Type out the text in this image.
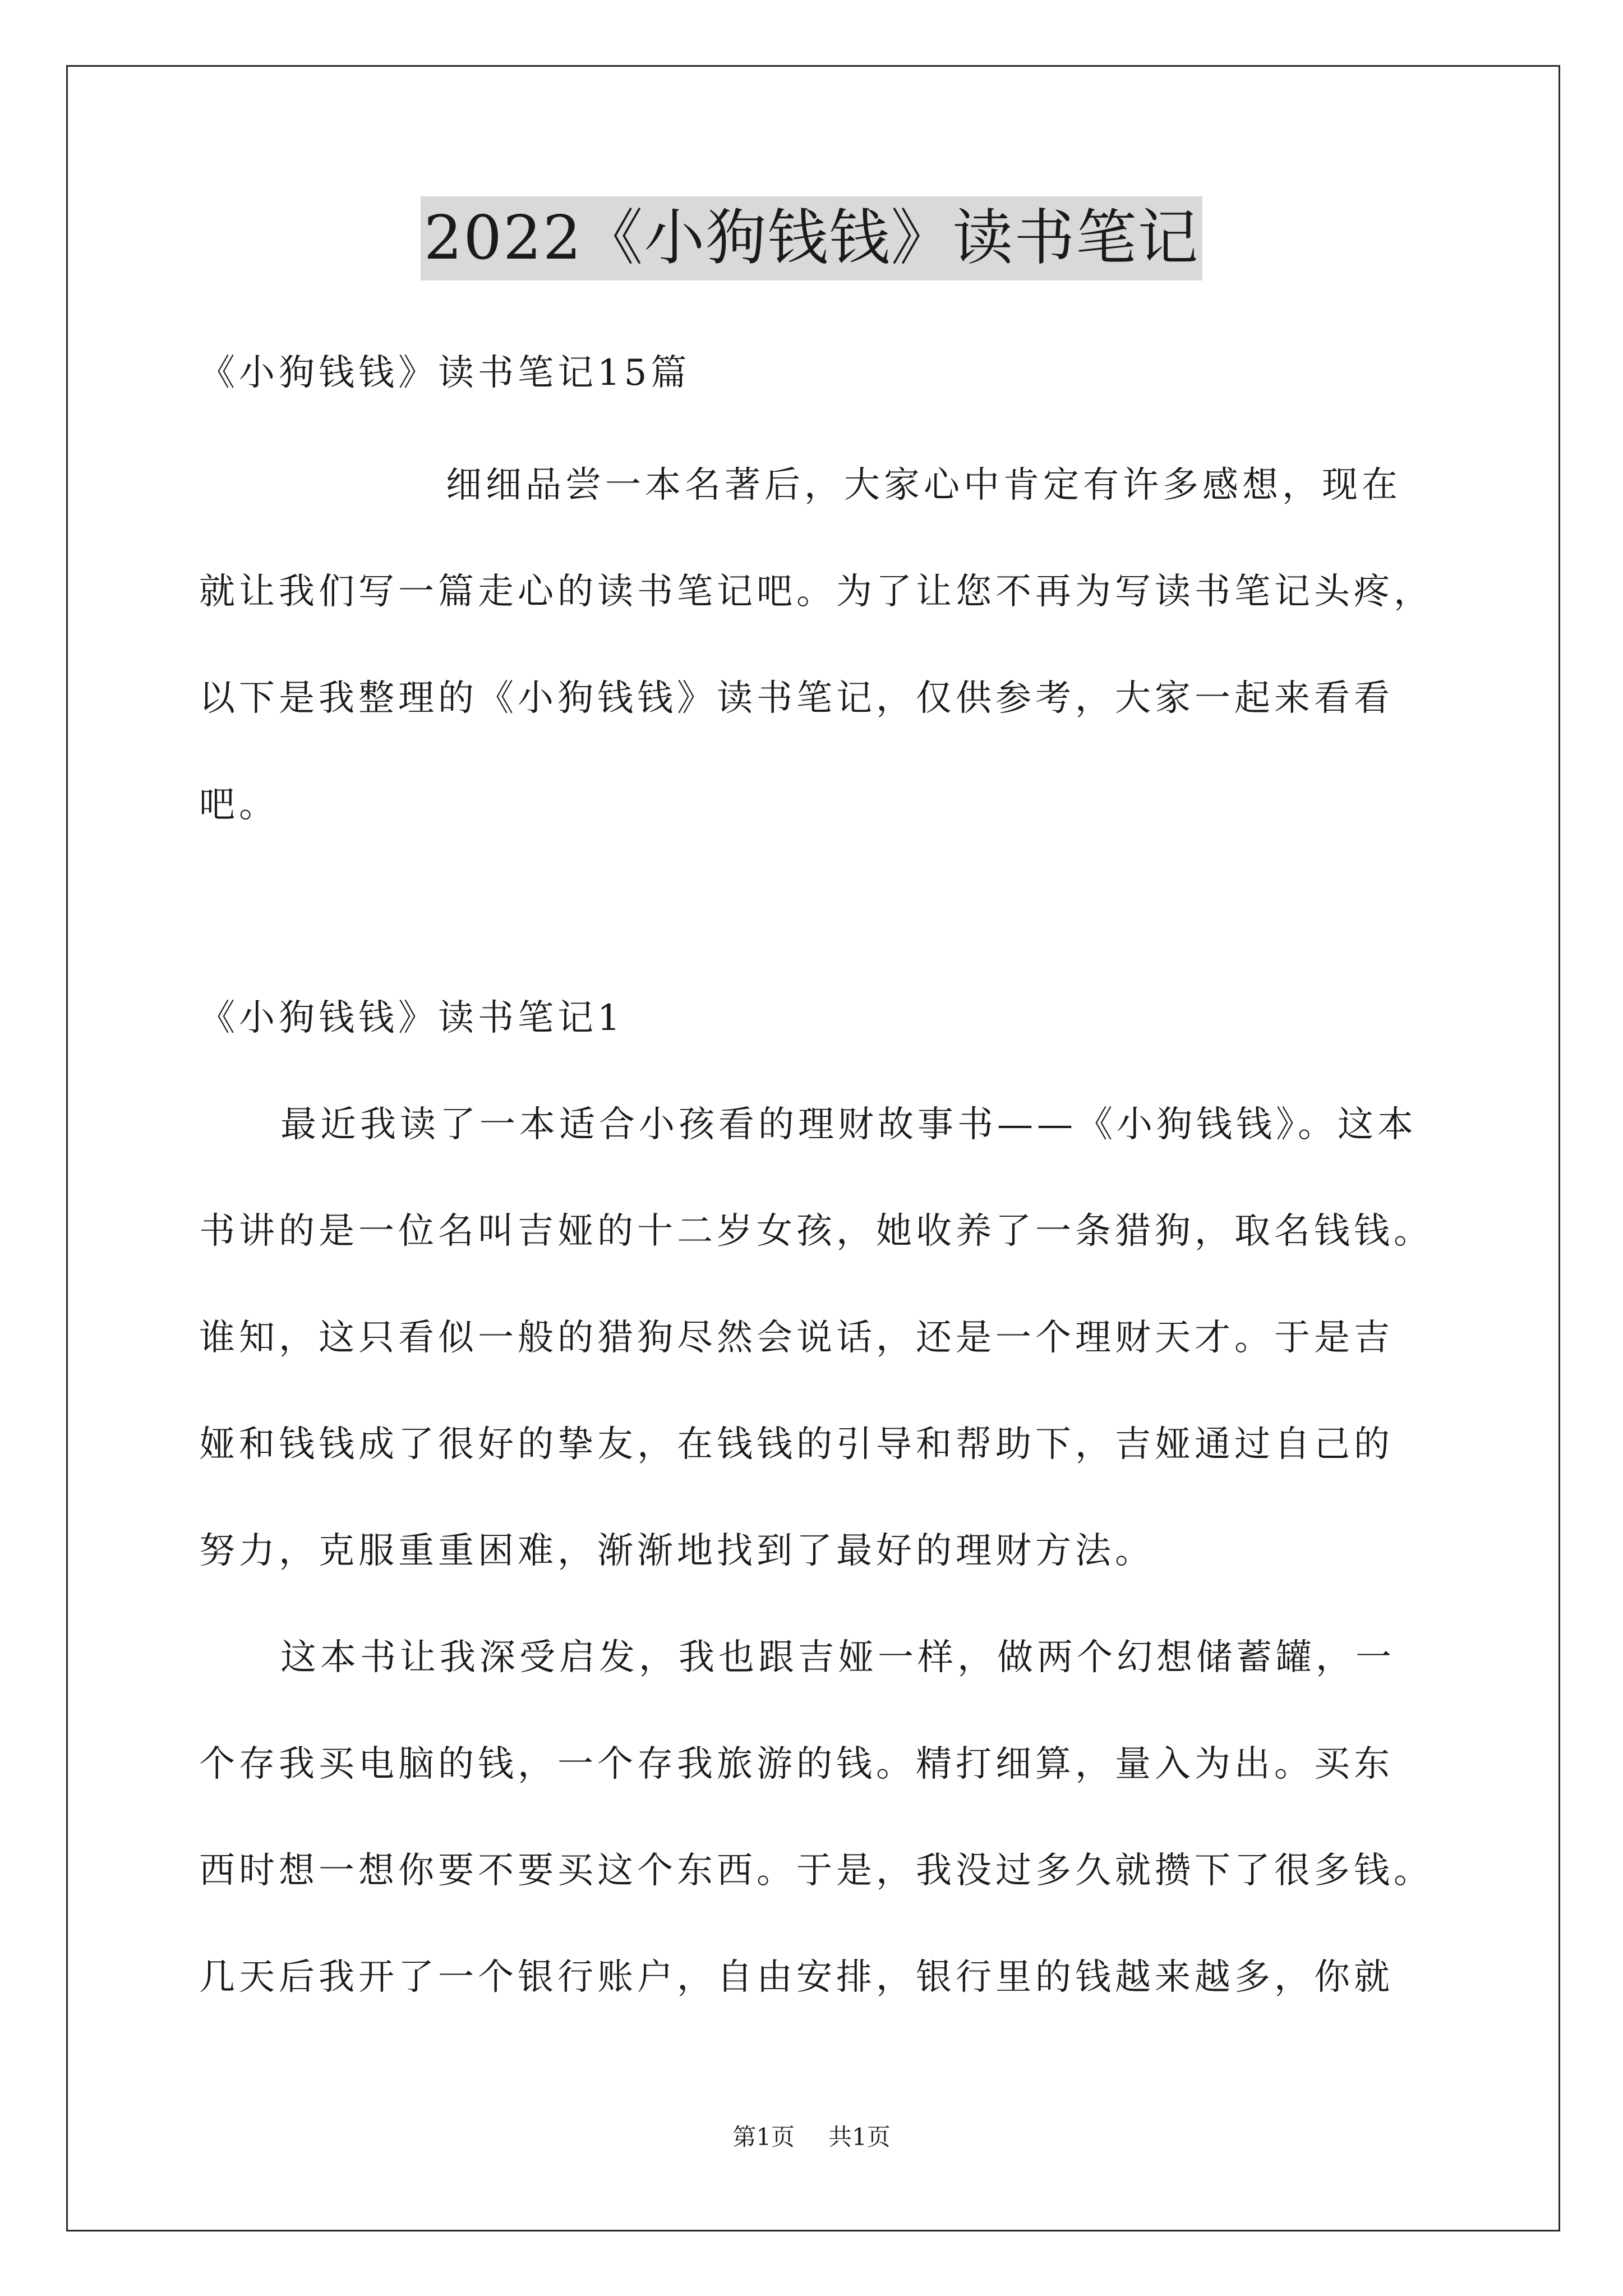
2022《小狗钱钱》读书笔记
《小狗钱钱》读书笔记15篇
细细品尝一本名著后，大家心中肯定有许多感想，现在
就让我们写一篇走心的读书笔记吧。为了让您不再为写读书笔记头疼，
以下是我整理的《小狗钱钱》读书笔记，仅供参考，大家一起来看看
吧。
《小狗钱钱》读书笔记1
最近我读了一本适合小孩看的理财故事书——《小狗钱钱》。这本
书讲的是一位名叫吉娅的十二岁女孩，她收养了一条猎狗，取名钱钱。
谁知，这只看似一般的猎狗尽然会说话，还是一个理财天才。于是吉
娅和钱钱成了很好的挚友，在钱钱的引导和帮助下，吉娅通过自己的
努力，克服重重困难，渐渐地找到了最好的理财方法。
这本书让我深受启发，我也跟吉娅一样，做两个幻想储蓄罐，一
个存我买电脑的钱，一个存我旅游的钱。精打细算，量入为出。买东
西时想一想你要不要买这个东西。于是，我没过多久就攒下了很多钱。
几天后我开了一个银行账户，自由安排，银行里的钱越来越多，你就
第1页 共1页
